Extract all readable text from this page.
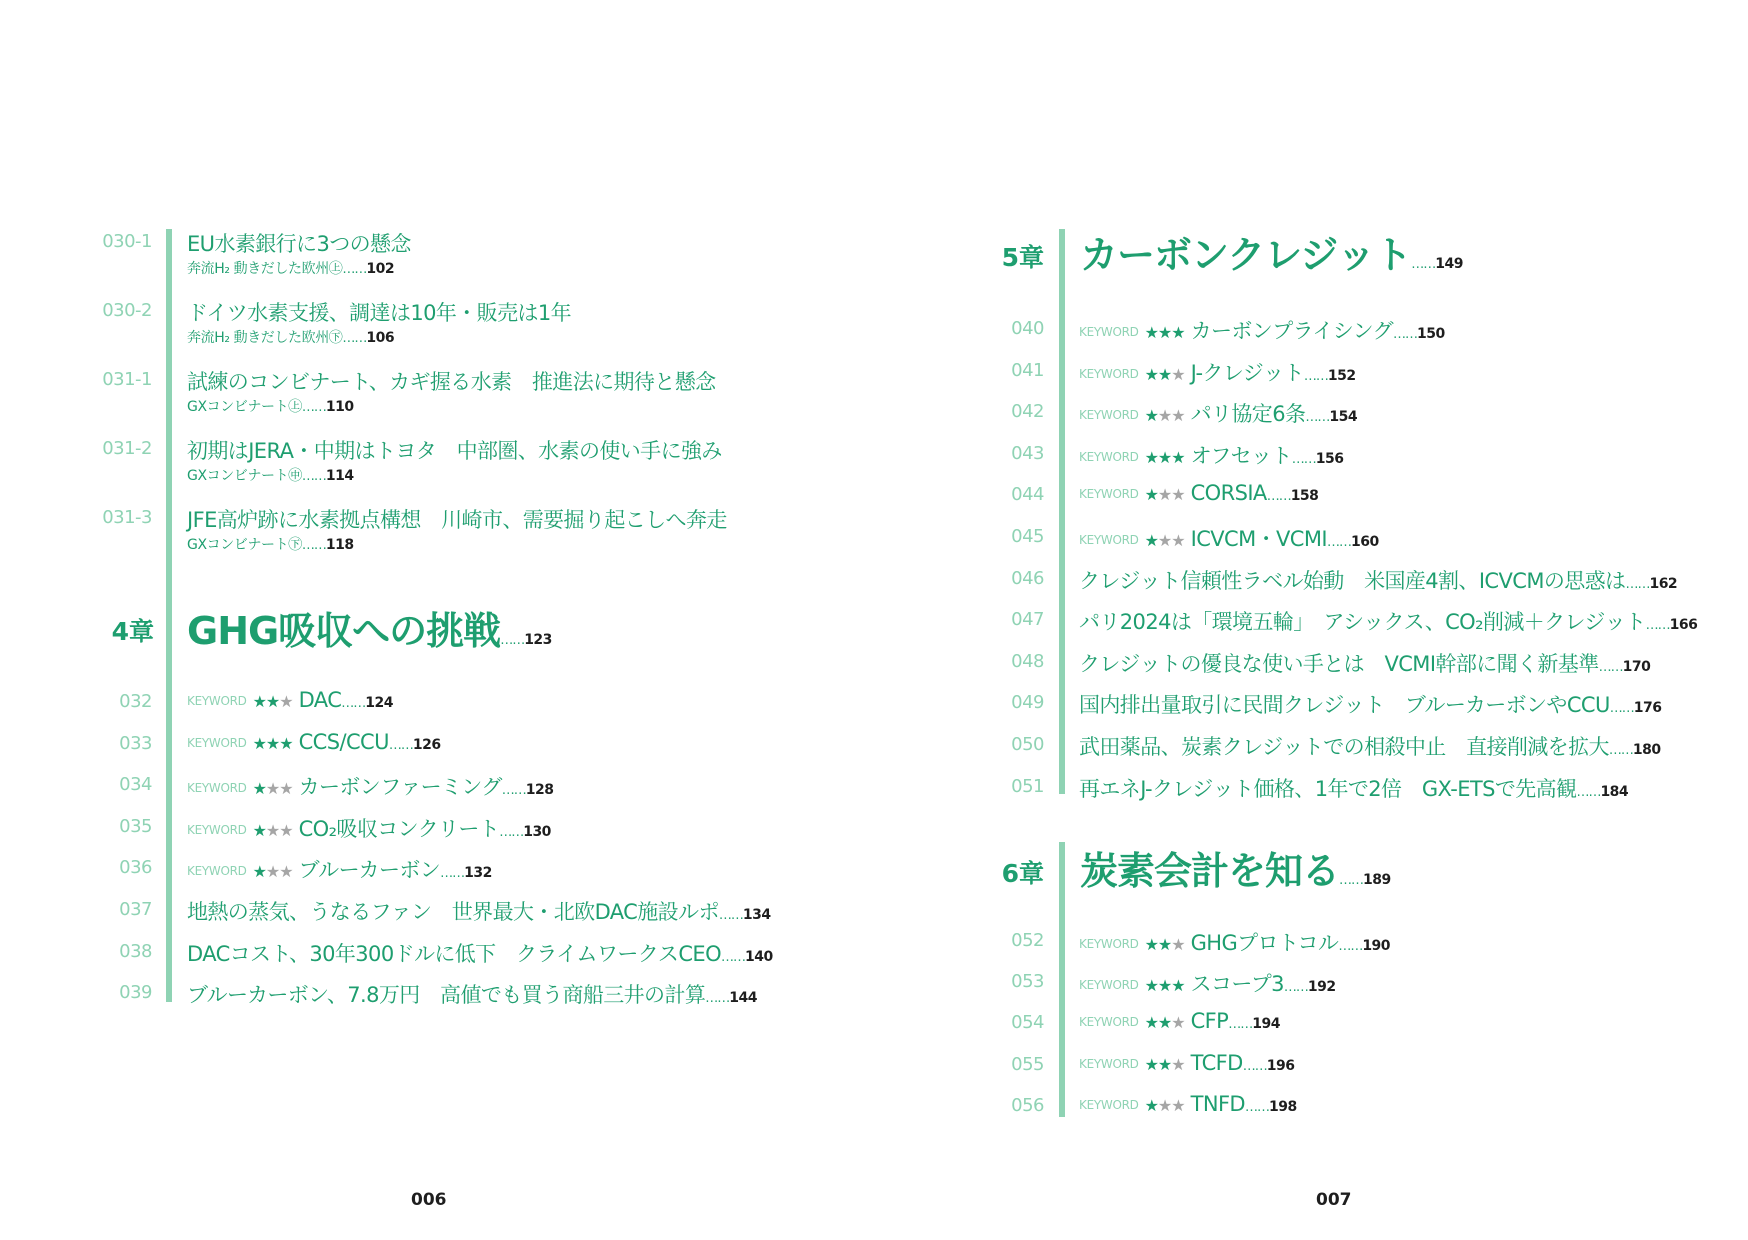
030-1 EU水素銀行に3つの懸念
奔流H₂ 動きだした欧州㊤……102
030-2 ドイツ水素支援、調達は10年・販売は1年
奔流H₂ 動きだした欧州㊦……106
031-1 試練のコンビナート、カギ握る水素　推進法に期待と懸念
GXコンビナート㊤……110
031-2 初期はJERA・中期はトヨタ　中部圏、水素の使い手に強み
GXコンビナート㊥……114
031-3 JFE高炉跡に水素拠点構想　川崎市、需要掘り起こしへ奔走
GXコンビナート㊦……118
4章 GHG吸収への挑戦……123
032	KEYWORD ★★★ DAC……124
033	KEYWORD ★★★ CCS/CCU……126
034	KEYWORD ★★★ カーボンファーミング……128
035	KEYWORD ★★★ CO₂吸収コンクリート……130
036	KEYWORD ★★★ ブルーカーボン……132
037 地熱の蒸気、うなるファン　世界最大・北欧DAC施設ルポ……134
038 DACコスト、30年300ドルに低下　クライムワークスCEO……140
039 ブルーカーボン、7.8万円　高値でも買う商船三井の計算……144
006
5章 カーボンクレジット……149
040	KEYWORD ★★★ カーボンプライシング……150
041	KEYWORD ★★★ J-クレジット……152
042	KEYWORD ★★★ パリ協定6条……154
043	KEYWORD ★★★ オフセット……156
044	KEYWORD ★★★ CORSIA……158
045	KEYWORD ★★★ ICVCM・VCMI……160
046 クレジット信頼性ラベル始動　米国産4割、ICVCMの思惑は……162
047 パリ2024は「環境五輪」　アシックス、CO₂削減＋クレジット……166
048 クレジットの優良な使い手とは　VCMI幹部に聞く新基準……170
049 国内排出量取引に民間クレジット　ブルーカーボンやCCU……176
050 武田薬品、炭素クレジットでの相殺中止　直接削減を拡大……180
051 再エネJ-クレジット価格、1年で2倍　GX-ETSで先高観……184
6章 炭素会計を知る……189
052	KEYWORD ★★★ GHGプロトコル……190
053	KEYWORD ★★★ スコープ3……192
054	KEYWORD ★★★ CFP……194
055	KEYWORD ★★★ TCFD……196
056	KEYWORD ★★★ TNFD……198
007
